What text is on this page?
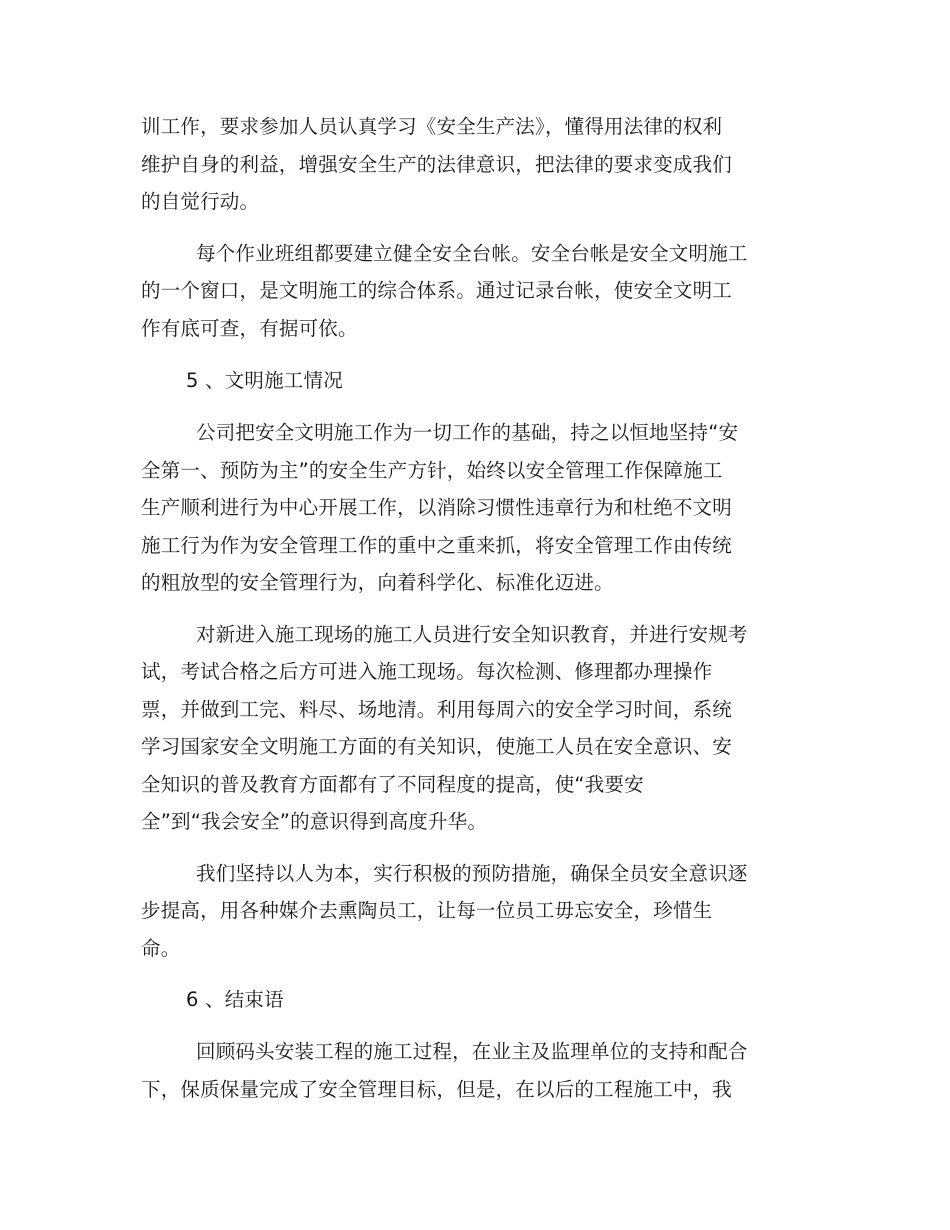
训工作，要求参加人员认真学习《安全生产法》，懂得用法律的权利

维护自身的利益，增强安全生产的法律意识，把法律的要求变成我们

的自觉行动。

每个作业班组都要建立健全安全台帐。安全台帐是安全文明施工

的一个窗口，是文明施工的综合体系。通过记录台帐，使安全文明工

作有底可查，有据可依。

5 、文明施工情况

公司把安全文明施工作为一切工作的基础，持之以恒地坚持“安

全第一、预防为主”的安全生产方针，始终以安全管理工作保障施工

生产顺利进行为中心开展工作，以消除习惯性违章行为和杜绝不文明

施工行为作为安全管理工作的重中之重来抓，将安全管理工作由传统

的粗放型的安全管理行为，向着科学化、标准化迈进。

对新进入施工现场的施工人员进行安全知识教育，并进行安规考

试，考试合格之后方可进入施工现场。每次检测、修理都办理操作

票，并做到工完、料尽、场地清。利用每周六的安全学习时间，系统

学习国家安全文明施工方面的有关知识，使施工人员在安全意识、安

全知识的普及教育方面都有了不同程度的提高，使“我要安

全”到“我会安全”的意识得到高度升华。

我们坚持以人为本，实行积极的预防措施，确保全员安全意识逐

步提高，用各种媒介去熏陶员工，让每一位员工毋忘安全，珍惜生

命。

6 、结束语

回顾码头安装工程的施工过程，在业主及监理单位的支持和配合

下，保质保量完成了安全管理目标，但是，在以后的工程施工中，我
